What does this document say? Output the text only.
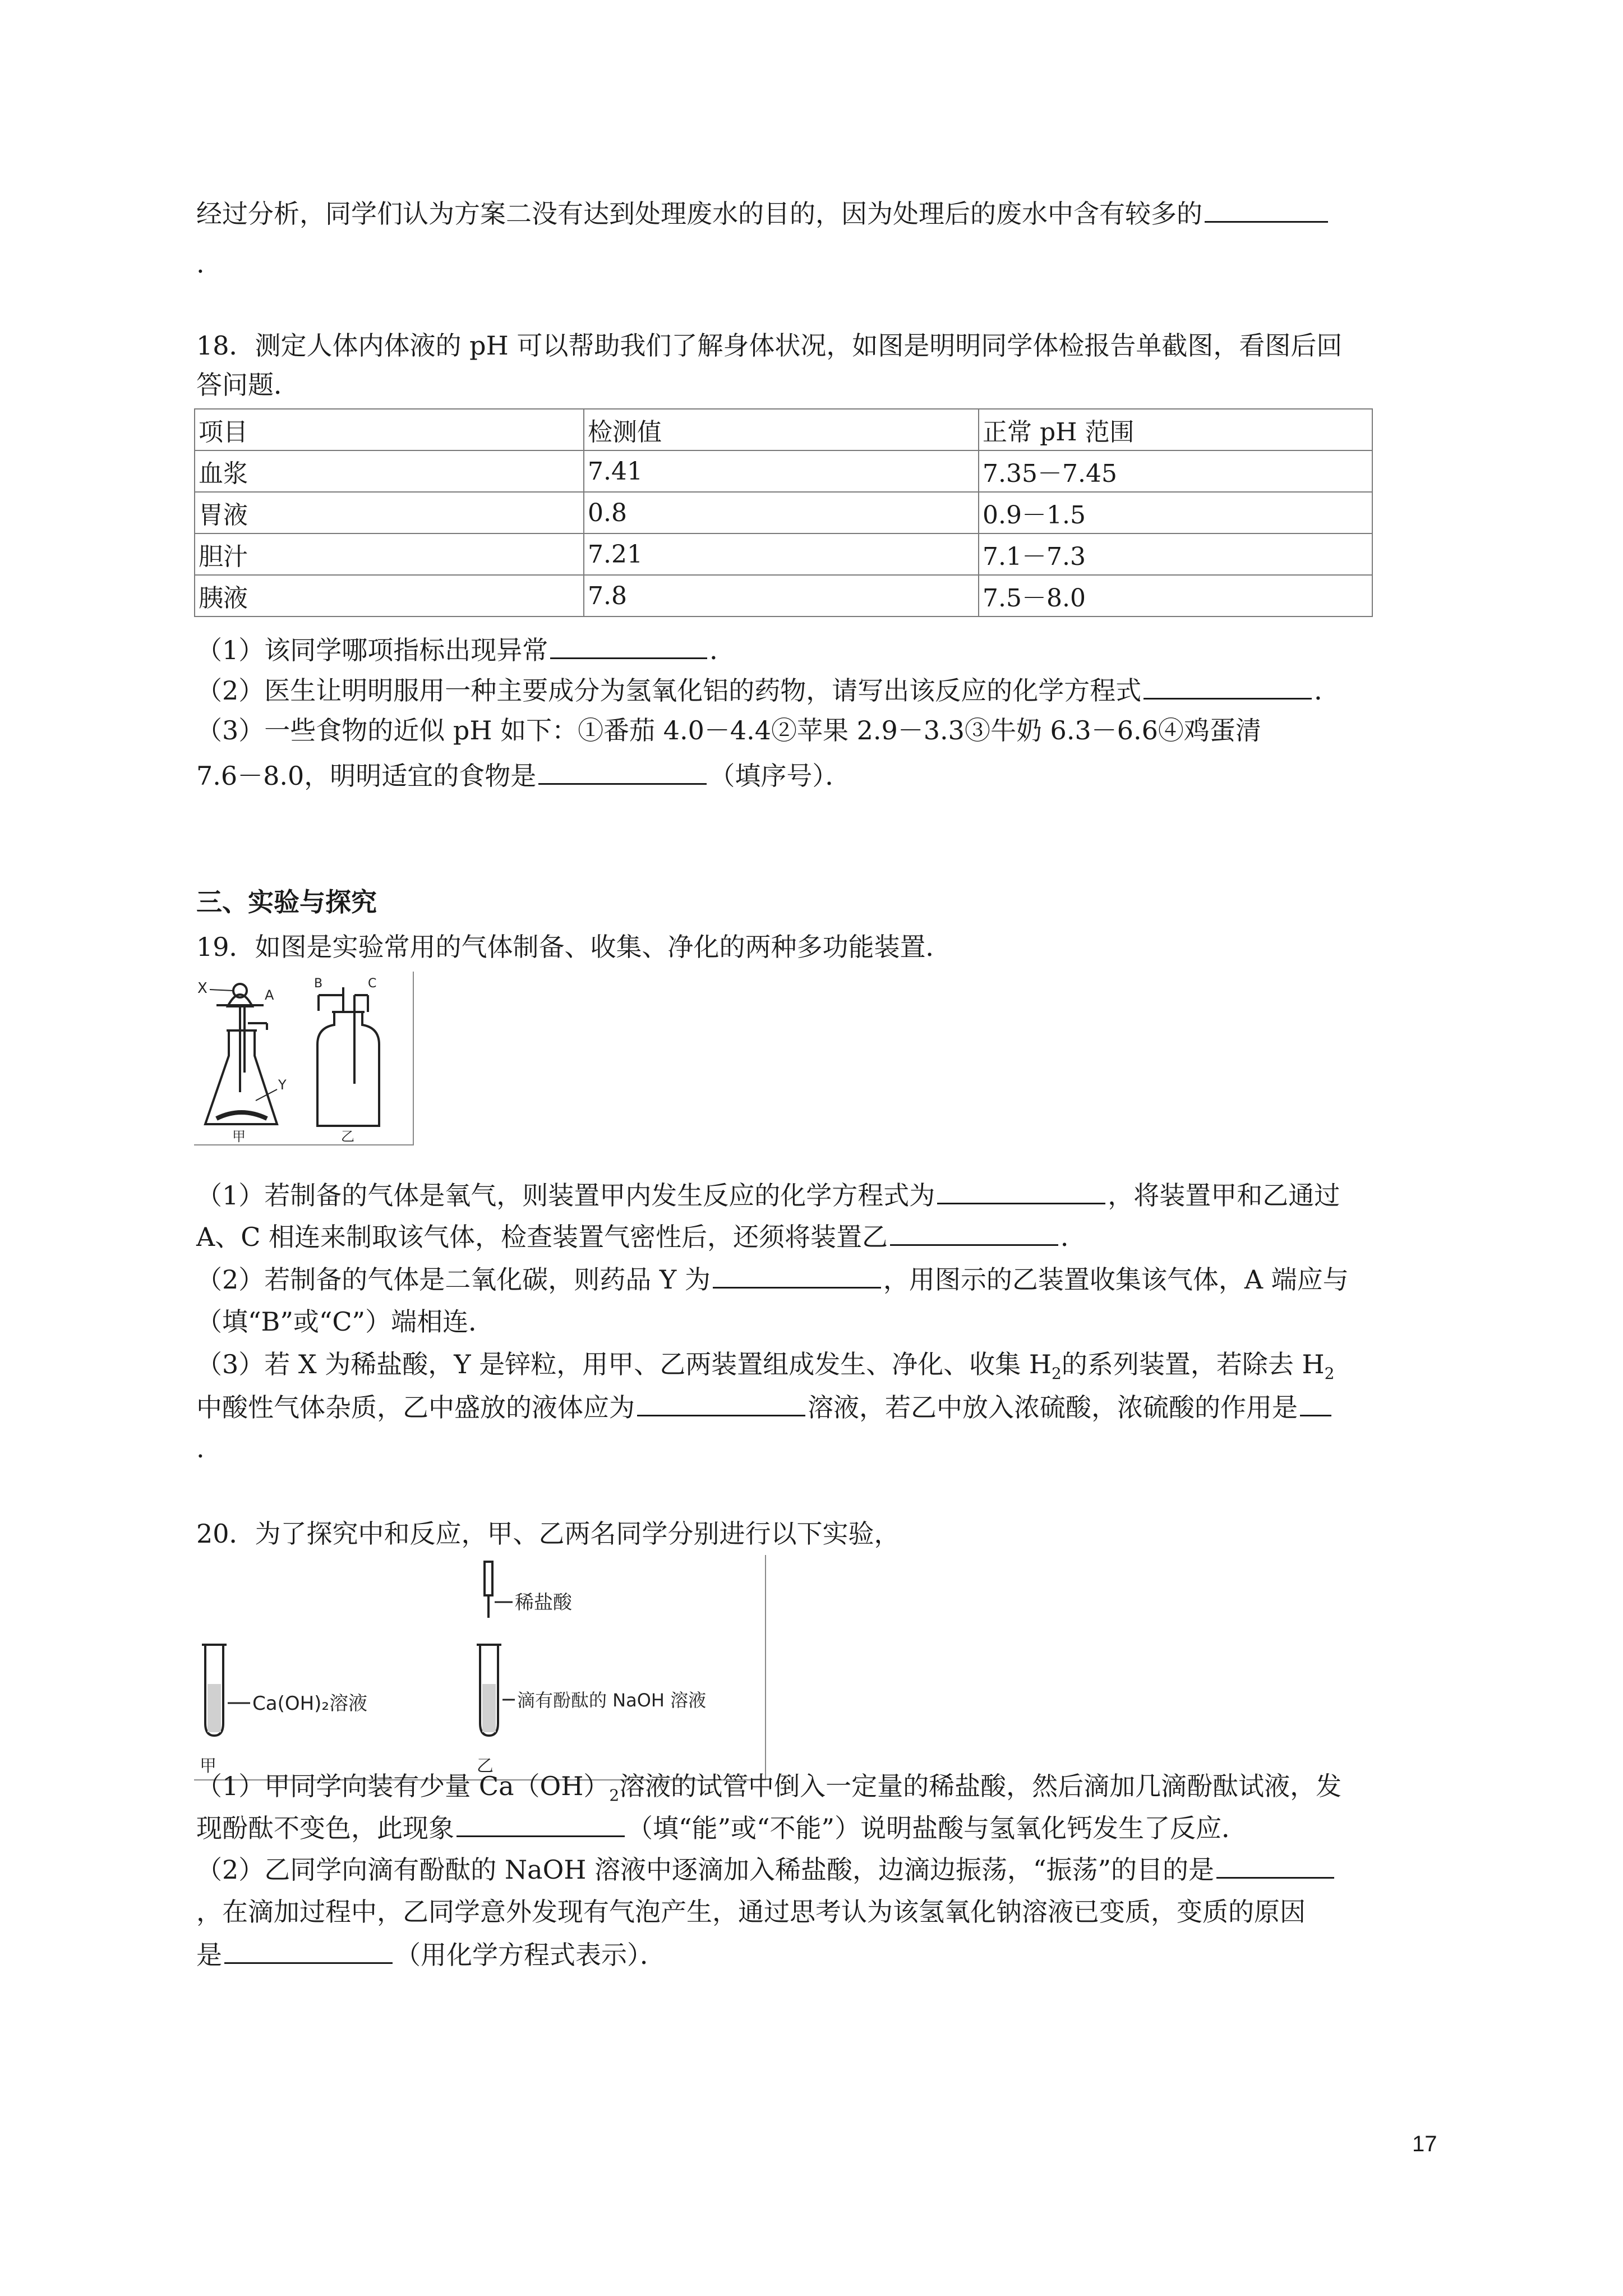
经过分析，同学们认为方案二没有达到处理废水的目的，因为处理后的废水中含有较多的
.
18．测定人体内体液的 pH 可以帮助我们了解身体状况，如图是明明同学体检报告单截图，看图后回
答问题．
项目	检测值	正常 pH 范围
血浆	7.41	7.35－7.45
胃液	0.8	0.9－1.5
胆汁	7.21	7.1－7.3
胰液	7.8	7.5－8.0
（1）该同学哪项指标出现异常	．
（2）医生让明明服用一种主要成分为氢氧化铝的药物，请写出该反应的化学方程式	．
（3）一些食物的近似 pH 如下：①番茄 4.0－4.4②苹果 2.9－3.3③牛奶 6.3－6.6④鸡蛋清
7.6－8.0，明明适宜的食物是	（填序号）．
三、实验与探究
19．如图是实验常用的气体制备、收集、净化的两种多功能装置．
X	A
Y
甲
B	C
乙
（1）若制备的气体是氧气，则装置甲内发生反应的化学方程式为	，将装置甲和乙通过
A、C 相连来制取该气体，检查装置气密性后，还须将装置乙	．
（2）若制备的气体是二氧化碳，则药品 Y 为	，用图示的乙装置收集该气体，A 端应与
（填“B”或“C”）端相连．
（3）若 X 为稀盐酸，Y 是锌粒，用甲、乙两装置组成发生、净化、收集 $H_2$的系列装置，若除去 $H_2$
中酸性气体杂质，乙中盛放的液体应为	溶液，若乙中放入浓硫酸，浓硫酸的作用是
.
20．为了探究中和反应，甲、乙两名同学分别进行以下实验，
Ca(OH)₂溶液
甲
稀盐酸
滴有酚酞的 NaOH 溶液
乙
（1）甲同学向装有少量 $Ca(OH)_2$溶液的试管中倒入一定量的稀盐酸，然后滴加几滴酚酞试液，发
现酚酞不变色，此现象	（填“能”或“不能”）说明盐酸与氢氧化钙发生了反应．
（2）乙同学向滴有酚酞的 NaOH 溶液中逐滴加入稀盐酸，边滴边振荡，“振荡”的目的是
，在滴加过程中，乙同学意外发现有气泡产生，通过思考认为该氢氧化钠溶液已变质，变质的原因
是	（用化学方程式表示）．
17
